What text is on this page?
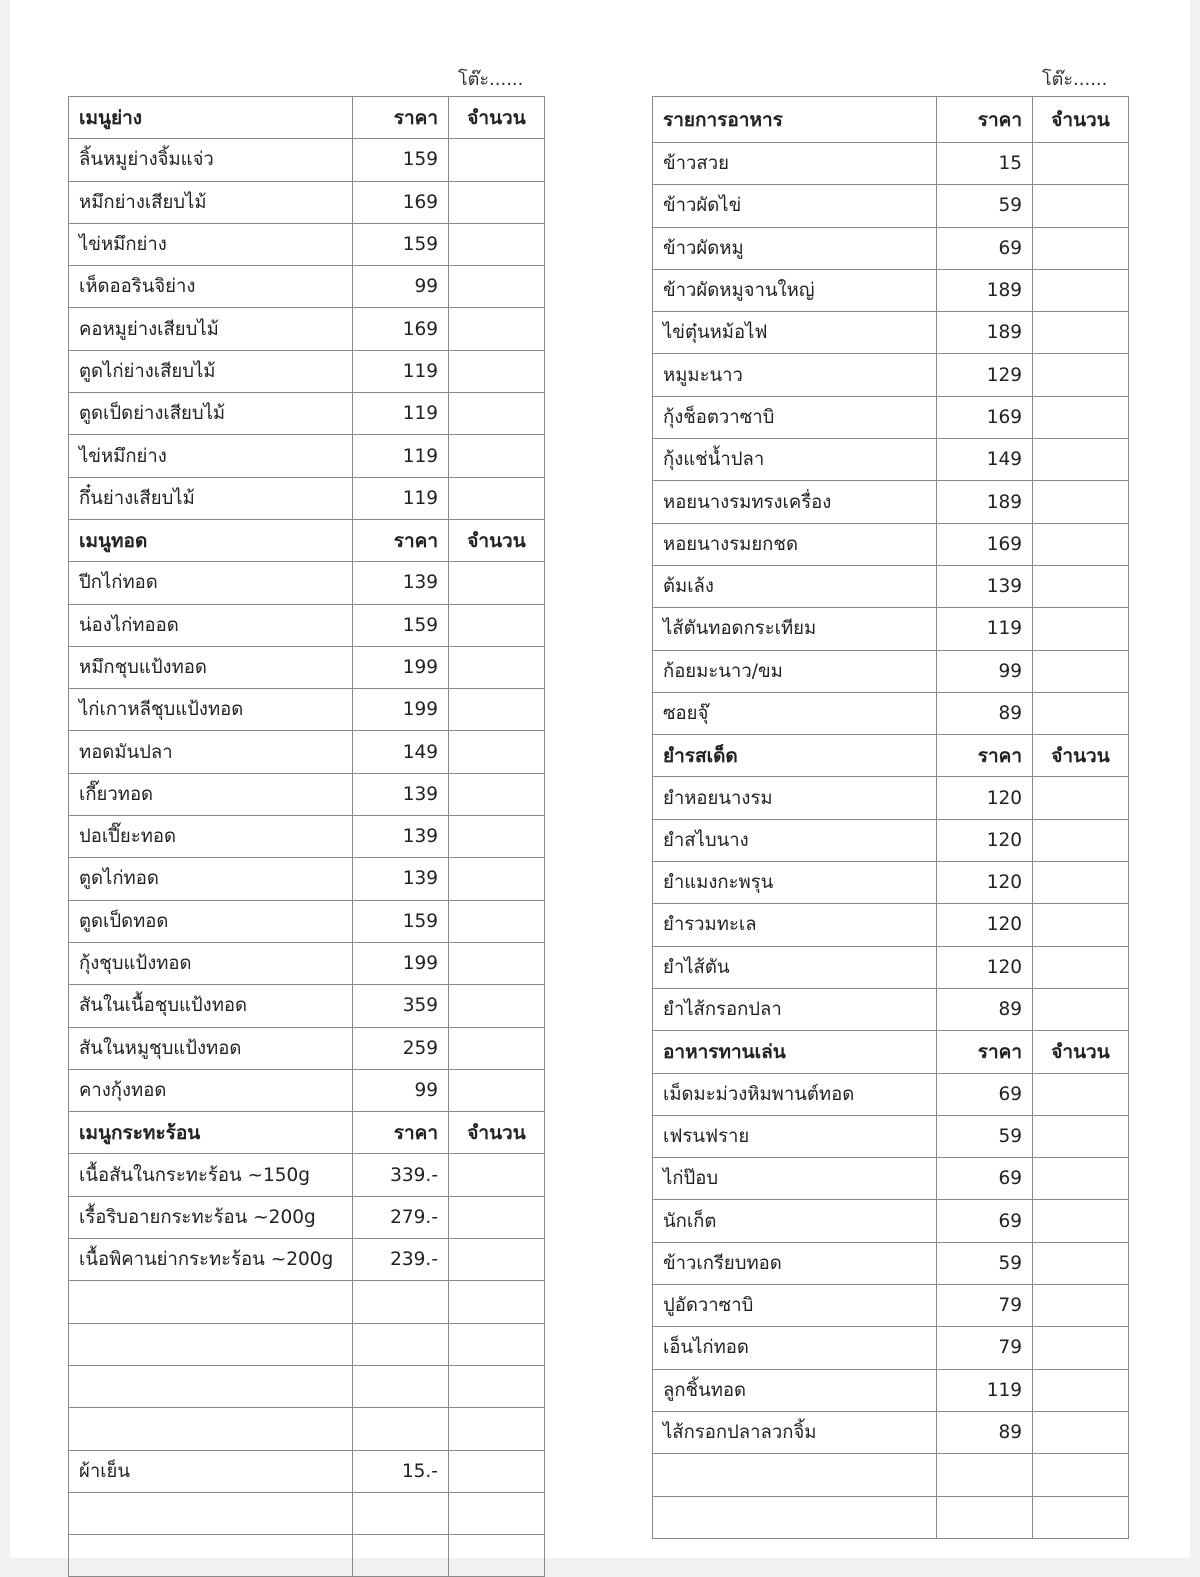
โต๊ะ......	โต๊ะ......
เมนูย่าง	ราคา	จำนวน
ลิ้นหมูย่างจิ้มแจ่ว	159	
หมึกย่างเสียบไม้	169	
ไข่หมึกย่าง	159	
เห็ดออรินจิย่าง	99	
คอหมูย่างเสียบไม้	169	
ตูดไก่ย่างเสียบไม้	119	
ตูดเป็ดย่างเสียบไม้	119	
ไข่หมึกย่าง	119	
กึ๋นย่างเสียบไม้	119	
เมนูทอด	ราคา	จำนวน
ปีกไก่ทอด	139	
น่องไก่ทออด	159	
หมึกชุบแป้งทอด	199	
ไก่เกาหลีชุบแป้งทอด	199	
ทอดมันปลา	149	
เกี๊ยวทอด	139	
ปอเปี๊ยะทอด	139	
ตูดไก่ทอด	139	
ตูดเป็ดทอด	159	
กุ้งชุบแป้งทอด	199	
สันในเนื้อชุบแป้งทอด	359	
สันในหมูชุบแป้งทอด	259	
คางกุ้งทอด	99	
เมนูกระทะร้อน	ราคา	จำนวน
เนื้อสันในกระทะร้อน ~150g	339.-	
เรื้อริบอายกระทะร้อน ~200g	279.-	
เนื้อพิคานย่ากระทะร้อน ~200g	239.-	

ผ้าเย็น	15.-	

รายการอาหาร	ราคา	จำนวน
ข้าวสวย	15	
ข้าวผัดไข่	59	
ข้าวผัดหมู	69	
ข้าวผัดหมูจานใหญ่	189	
ไข่ตุ๋นหม้อไฟ	189	
หมูมะนาว	129	
กุ้งช็อตวาซาบิ	169	
กุ้งแช่น้ำปลา	149	
หอยนางรมทรงเครื่อง	189	
หอยนางรมยกชด	169	
ต้มเล้ง	139	
ไส้ตันทอดกระเทียม	119	
ก้อยมะนาว/ขม	99	
ซอยจุ๊	89	
ยำรสเด็ด	ราคา	จำนวน
ยำหอยนางรม	120	
ยำสไบนาง	120	
ยำแมงกะพรุน	120	
ยำรวมทะเล	120	
ยำไส้ตัน	120	
ยำไส้กรอกปลา	89	
อาหารทานเล่น	ราคา	จำนวน
เม็ดมะม่วงหิมพานต์ทอด	69	
เฟรนฟราย	59	
ไก่ป๊อบ	69	
นักเก็ต	69	
ข้าวเกรียบทอด	59	
ปูอัดวาซาบิ	79	
เอ็นไก่ทอด	79	
ลูกชิ้นทอด	119	
ไส้กรอกปลาลวกจิ้ม	89	
